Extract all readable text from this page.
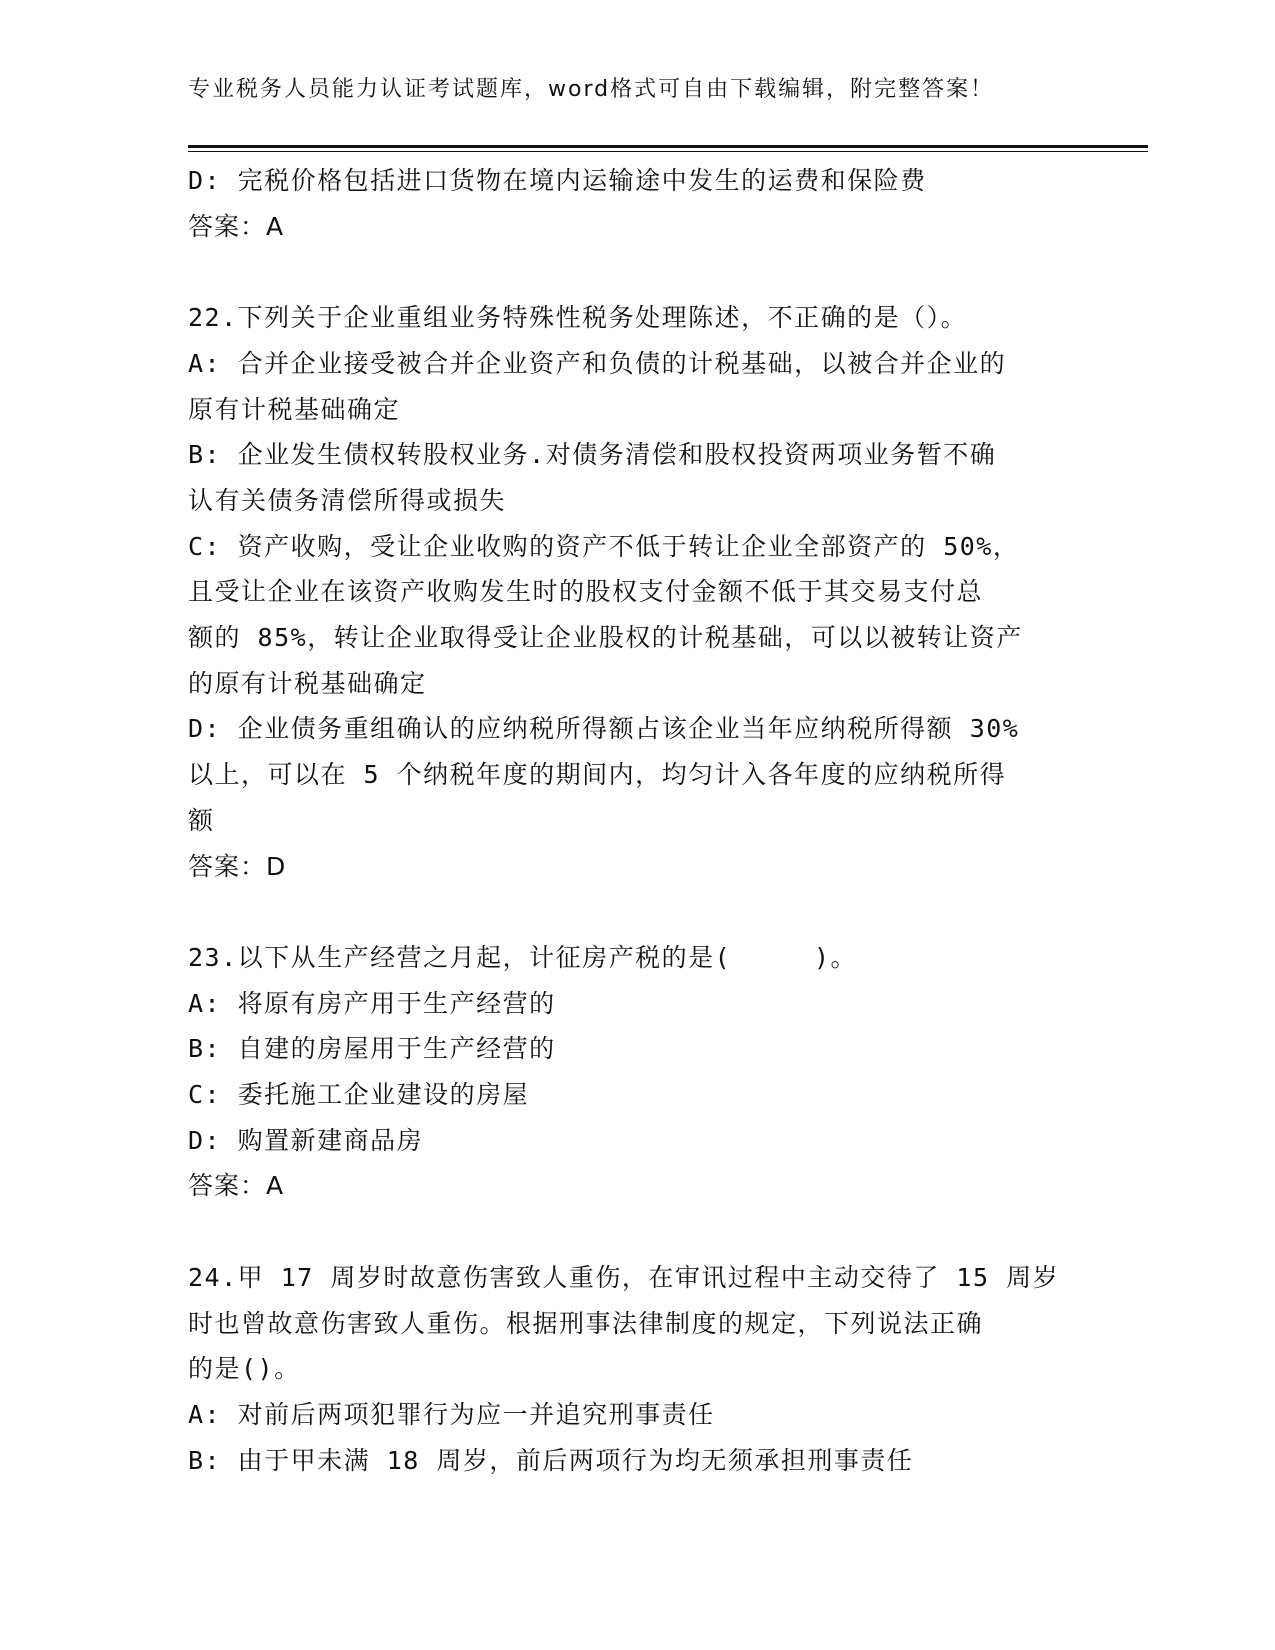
专业税务人员能力认证考试题库，word格式可自由下载编辑，附完整答案！

D: 完税价格包括进口货物在境内运输途中发生的运费和保险费

答案：A

22.下列关于企业重组业务特殊性税务处理陈述，不正确的是（）。

A: 合并企业接受被合并企业资产和负债的计税基础，以被合并企业的

原有计税基础确定

B: 企业发生债权转股权业务.对债务清偿和股权投资两项业务暂不确

认有关债务清偿所得或损失

C: 资产收购，受让企业收购的资产不低于转让企业全部资产的 50%，

且受让企业在该资产收购发生时的股权支付金额不低于其交易支付总

额的 85%，转让企业取得受让企业股权的计税基础，可以以被转让资产

的原有计税基础确定

D: 企业债务重组确认的应纳税所得额占该企业当年应纳税所得额 30%

以上，可以在 5 个纳税年度的期间内，均匀计入各年度的应纳税所得

额

答案：D

23.以下从生产经营之月起，计征房产税的是(     )。

A: 将原有房产用于生产经营的

B: 自建的房屋用于生产经营的

C: 委托施工企业建设的房屋

D: 购置新建商品房

答案：A

24.甲 17 周岁时故意伤害致人重伤，在审讯过程中主动交待了 15 周岁

时也曾故意伤害致人重伤。根据刑事法律制度的规定，下列说法正确

的是()。

A: 对前后两项犯罪行为应一并追究刑事责任

B: 由于甲未满 18 周岁，前后两项行为均无须承担刑事责任
